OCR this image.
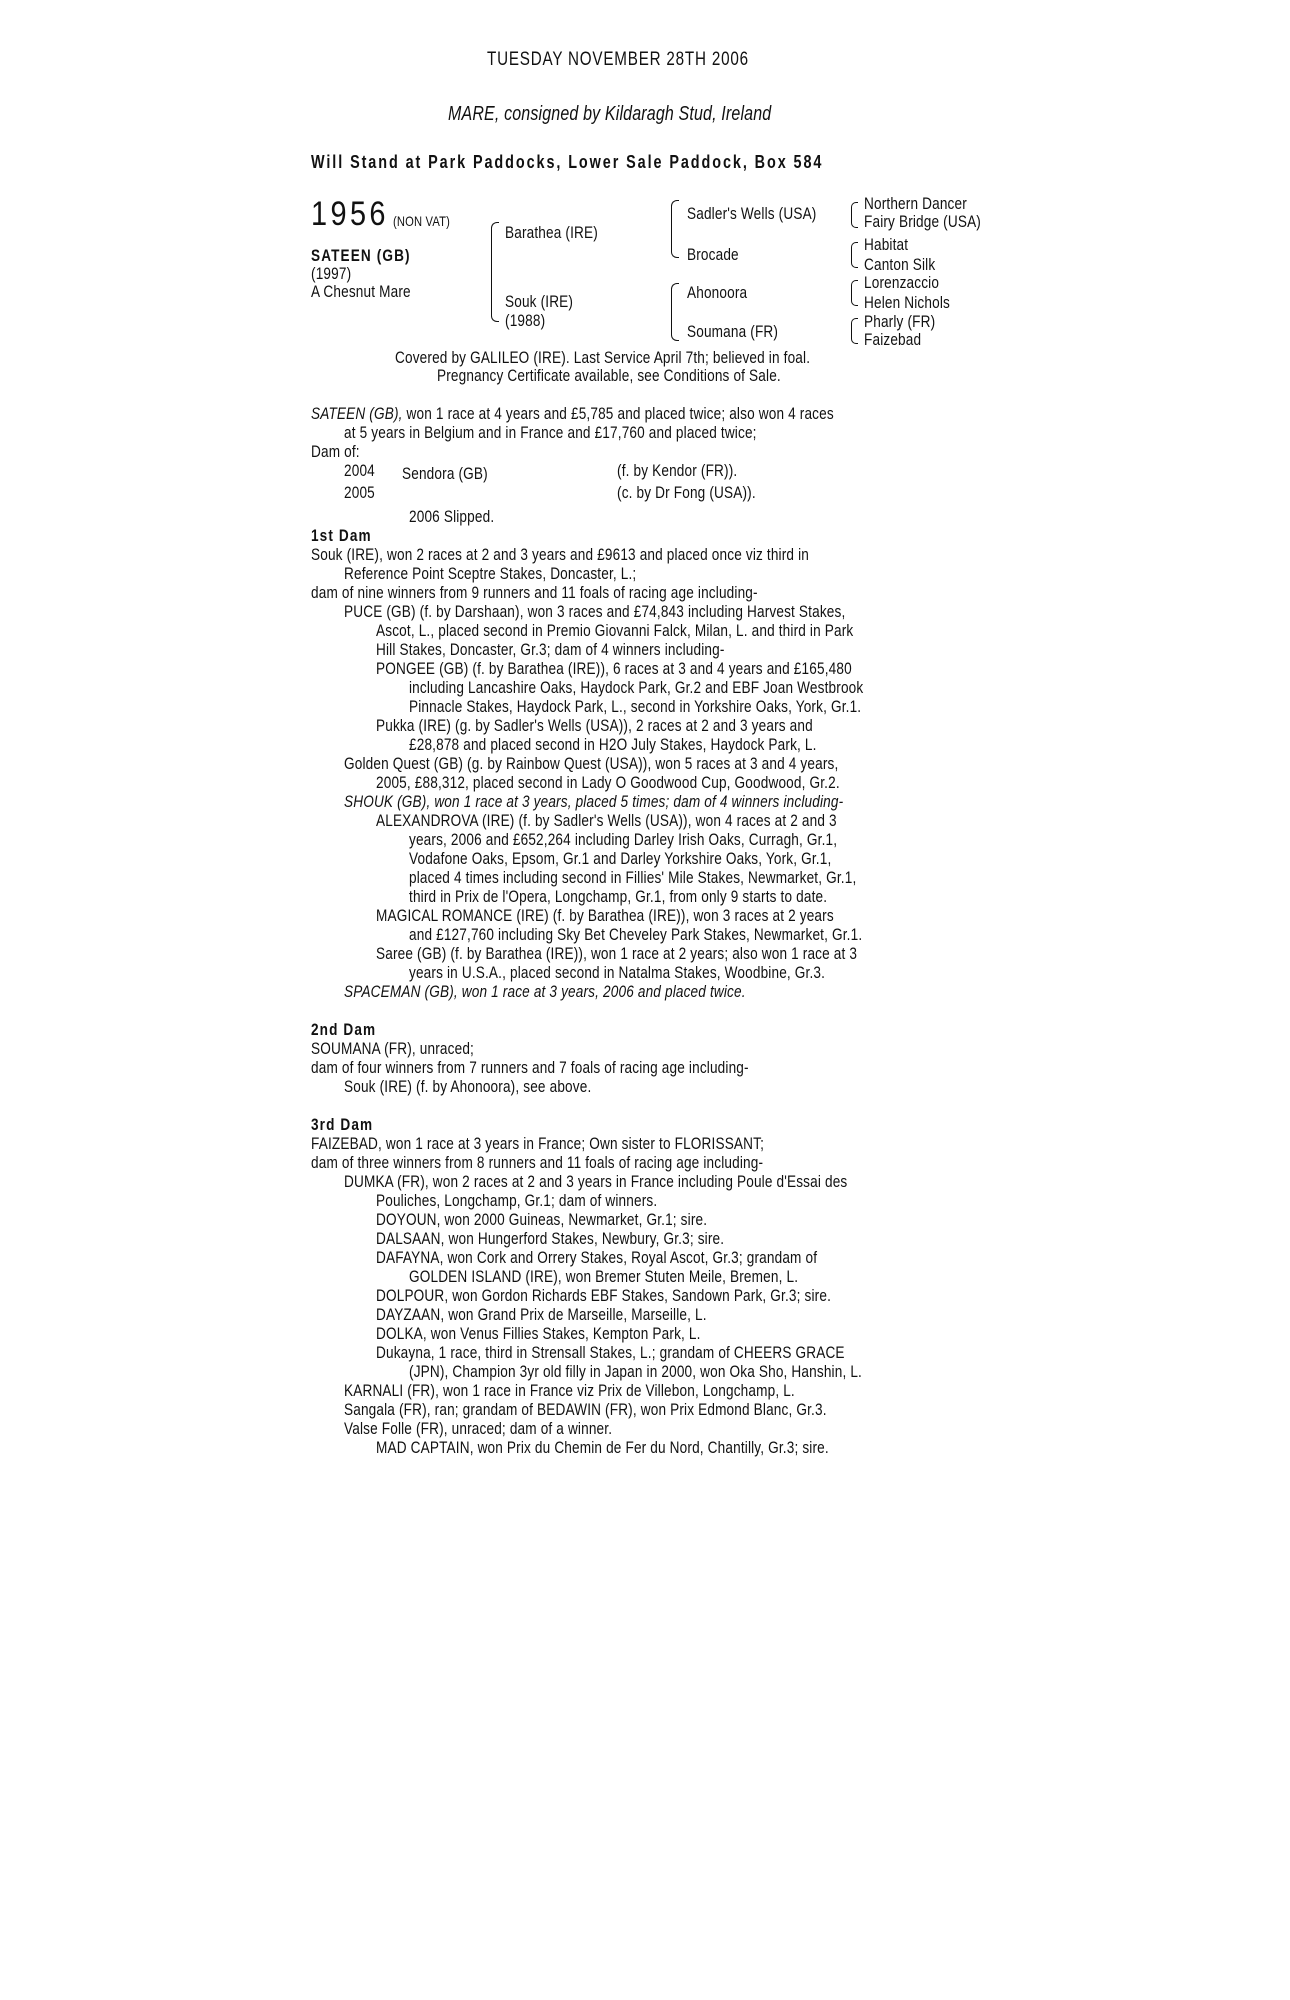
TUESDAY NOVEMBER 28TH 2006
MARE, consigned by Kildaragh Stud, Ireland
Will Stand at Park Paddocks, Lower Sale Paddock, Box 584
1956 (NON VAT)
SATEEN (GB)
(1997)
A Chesnut Mare
Barathea (IRE)
Souk (IRE)
(1988)
Sadler's Wells (USA)
Brocade
Ahonoora
Soumana (FR)
Northern Dancer
Fairy Bridge (USA)
Habitat
Canton Silk
Lorenzaccio
Helen Nichols
Pharly (FR)
Faizebad
Covered by GALILEO (IRE). Last Service April 7th; believed in foal.
Pregnancy Certificate available, see Conditions of Sale.
SATEEN (GB), won 1 race at 4 years and £5,785 and placed twice; also won 4 races
at 5 years in Belgium and in France and £17,760 and placed twice;
Dam of:
2004 Sendora (GB)	(f. by Kendor (FR)).
2005	(c. by Dr Fong (USA)).
2006 Slipped.
1st Dam
Souk (IRE), won 2 races at 2 and 3 years and £9613 and placed once viz third in
Reference Point Sceptre Stakes, Doncaster, L.;
dam of nine winners from 9 runners and 11 foals of racing age including-
PUCE (GB) (f. by Darshaan), won 3 races and £74,843 including Harvest Stakes,
Ascot, L., placed second in Premio Giovanni Falck, Milan, L. and third in Park
Hill Stakes, Doncaster, Gr.3; dam of 4 winners including-
PONGEE (GB) (f. by Barathea (IRE)), 6 races at 3 and 4 years and £165,480
including Lancashire Oaks, Haydock Park, Gr.2 and EBF Joan Westbrook
Pinnacle Stakes, Haydock Park, L., second in Yorkshire Oaks, York, Gr.1.
Pukka (IRE) (g. by Sadler's Wells (USA)), 2 races at 2 and 3 years and
£28,878 and placed second in H2O July Stakes, Haydock Park, L.
Golden Quest (GB) (g. by Rainbow Quest (USA)), won 5 races at 3 and 4 years,
2005, £88,312, placed second in Lady O Goodwood Cup, Goodwood, Gr.2.
SHOUK (GB), won 1 race at 3 years, placed 5 times; dam of 4 winners including-
ALEXANDROVA (IRE) (f. by Sadler's Wells (USA)), won 4 races at 2 and 3
years, 2006 and £652,264 including Darley Irish Oaks, Curragh, Gr.1,
Vodafone Oaks, Epsom, Gr.1 and Darley Yorkshire Oaks, York, Gr.1,
placed 4 times including second in Fillies' Mile Stakes, Newmarket, Gr.1,
third in Prix de l'Opera, Longchamp, Gr.1, from only 9 starts to date.
MAGICAL ROMANCE (IRE) (f. by Barathea (IRE)), won 3 races at 2 years
and £127,760 including Sky Bet Cheveley Park Stakes, Newmarket, Gr.1.
Saree (GB) (f. by Barathea (IRE)), won 1 race at 2 years; also won 1 race at 3
years in U.S.A., placed second in Natalma Stakes, Woodbine, Gr.3.
SPACEMAN (GB), won 1 race at 3 years, 2006 and placed twice.
2nd Dam
SOUMANA (FR), unraced;
dam of four winners from 7 runners and 7 foals of racing age including-
Souk (IRE) (f. by Ahonoora), see above.
3rd Dam
FAIZEBAD, won 1 race at 3 years in France; Own sister to FLORISSANT;
dam of three winners from 8 runners and 11 foals of racing age including-
DUMKA (FR), won 2 races at 2 and 3 years in France including Poule d'Essai des
Pouliches, Longchamp, Gr.1; dam of winners.
DOYOUN, won 2000 Guineas, Newmarket, Gr.1; sire.
DALSAAN, won Hungerford Stakes, Newbury, Gr.3; sire.
DAFAYNA, won Cork and Orrery Stakes, Royal Ascot, Gr.3; grandam of
GOLDEN ISLAND (IRE), won Bremer Stuten Meile, Bremen, L.
DOLPOUR, won Gordon Richards EBF Stakes, Sandown Park, Gr.3; sire.
DAYZAAN, won Grand Prix de Marseille, Marseille, L.
DOLKA, won Venus Fillies Stakes, Kempton Park, L.
Dukayna, 1 race, third in Strensall Stakes, L.; grandam of CHEERS GRACE
(JPN), Champion 3yr old filly in Japan in 2000, won Oka Sho, Hanshin, L.
KARNALI (FR), won 1 race in France viz Prix de Villebon, Longchamp, L.
Sangala (FR), ran; grandam of BEDAWIN (FR), won Prix Edmond Blanc, Gr.3.
Valse Folle (FR), unraced; dam of a winner.
MAD CAPTAIN, won Prix du Chemin de Fer du Nord, Chantilly, Gr.3; sire.
